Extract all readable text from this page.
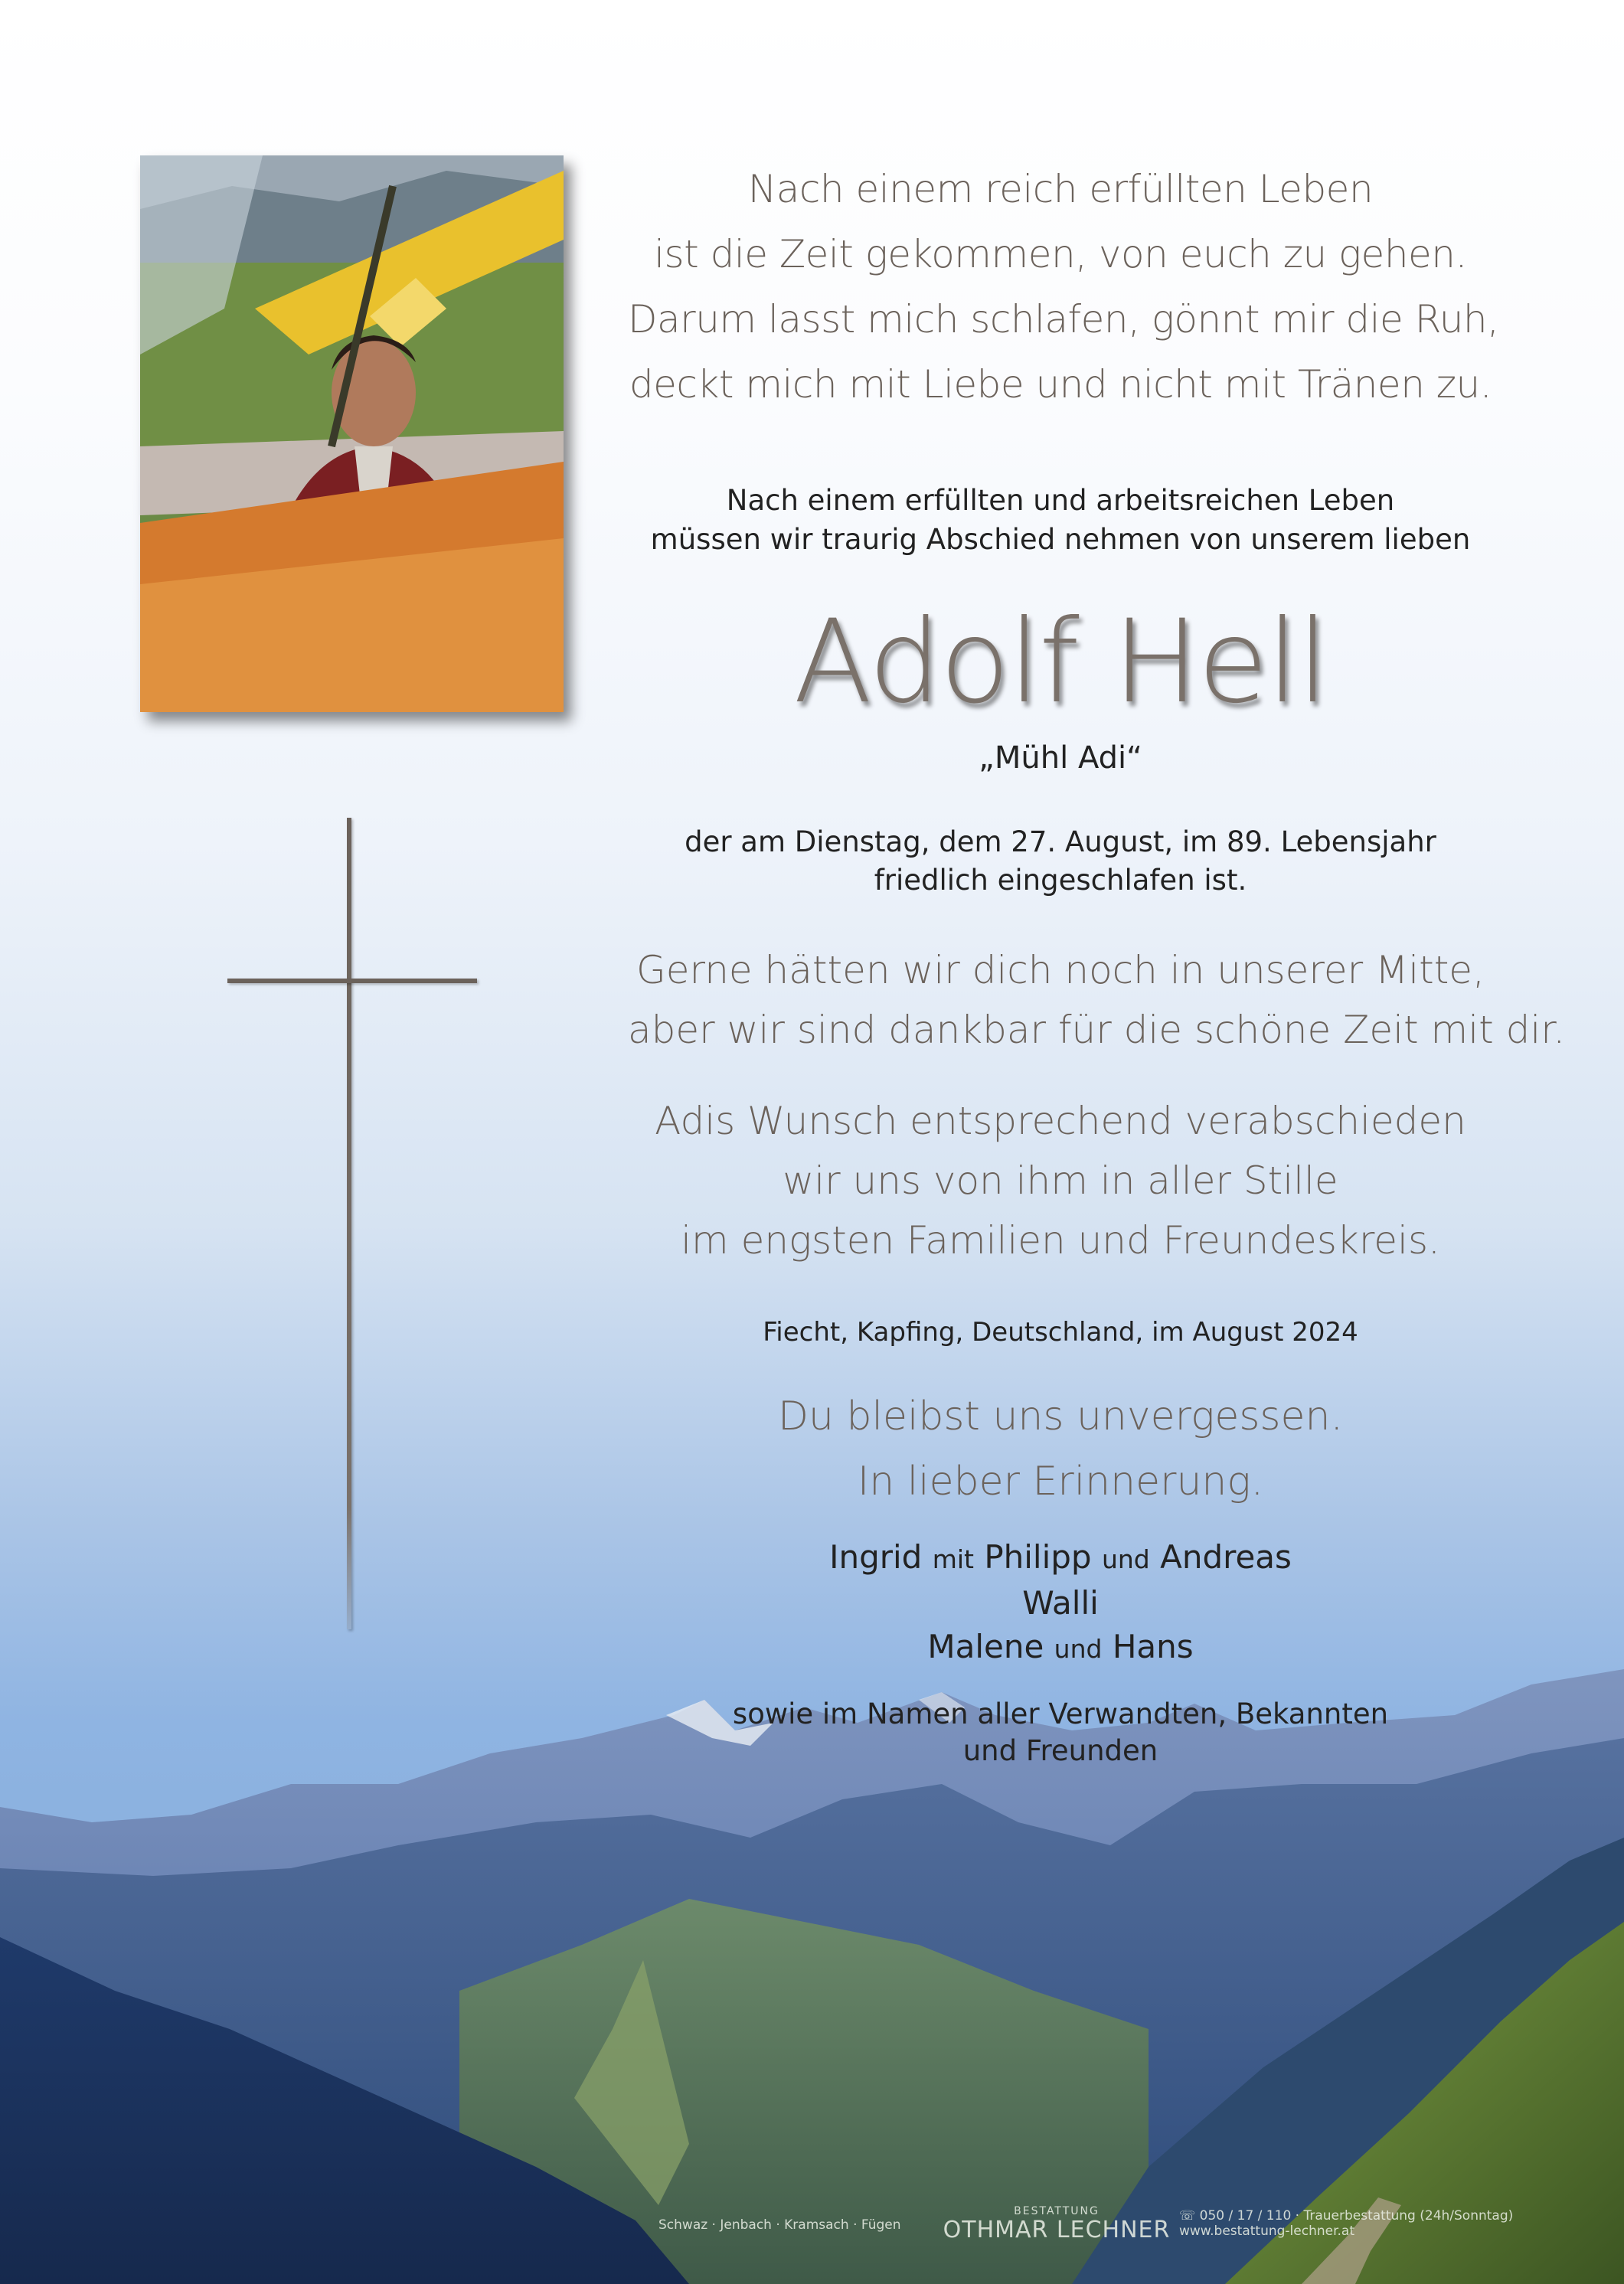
Nach einem reich erfüllten Leben
ist die Zeit gekommen, von euch zu gehen.
Darum lasst mich schlafen, gönnt mir die Ruh,
deckt mich mit Liebe und nicht mit Tränen zu.
Nach einem erfüllten und arbeitsreichen Leben
müssen wir traurig Abschied nehmen von unserem lieben
Adolf Hell
„Mühl Adi“
der am Dienstag, dem 27. August, im 89. Lebensjahr
friedlich eingeschlafen ist.
Gerne hätten wir dich noch in unserer Mitte,
aber wir sind dankbar für die schöne Zeit mit dir.
Adis Wunsch entsprechend verabschieden
wir uns von ihm in aller Stille
im engsten Familien und Freundeskreis.
Fiecht, Kapfing, Deutschland, im August 2024
Du bleibst uns unvergessen.
In lieber Erinnerung.
Ingrid mit Philipp und Andreas
Walli
Malene und Hans
sowie im Namen aller Verwandten, Bekannten
und Freunden
Schwaz · Jenbach · Kramsach · Fügen
BESTATTUNG
OTHMAR LECHNER
☏ 050 / 17 / 110 · Trauerbestattung (24h/Sonntag)
www.bestattung-lechner.at
